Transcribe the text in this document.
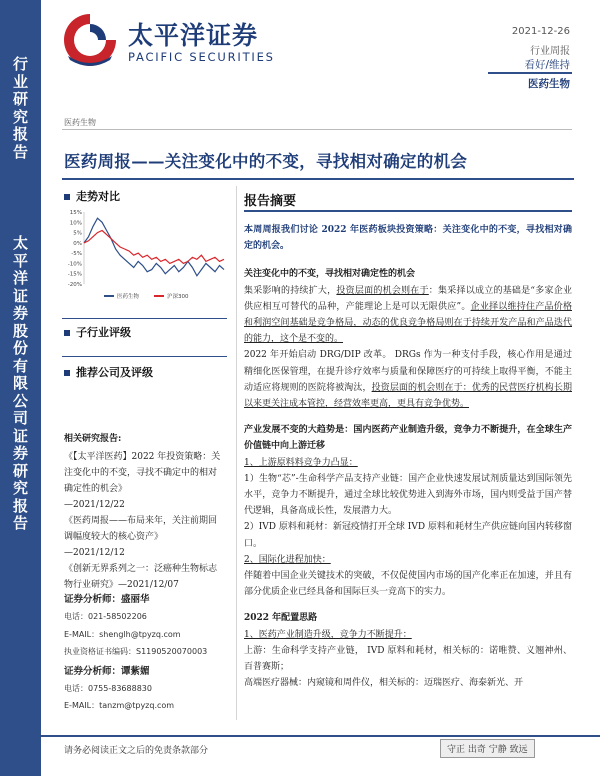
行
业
研
究
报
告
太
平
洋
证
券
股
份
有
限
公
司
证
券
研
究
报
告
太平洋证券
PACIFIC SECURITIES
2021-12-26
行业周报
看好/维持
医药生物
医药生物
医药周报——关注变化中的不变，寻找相对确定的机会
走势对比
15%
10%
5%
0%
-5%
-10%
-15%
-20%
医药生物	沪深300
子行业评级
推荐公司及评级
相关研究报告:
《【太平洋医药】2022 年投资策略：关注变化中的不变，寻找不确定中的相对确定性的机会》
—2021/12/22
《医药周报——布局来年，关注前期回调幅度较大的核心资产》
—2021/12/12
《创新无界系列之一：泛癌种生物标志物行业研究》—2021/12/07
证券分析师：盛丽华
电话：021-58502206
E-MAIL：shenglh@tpyzq.com
执业资格证书编码：S1190520070003
证券分析师：谭紫媚
电话：0755-83688830
E-MAIL：tanzm@tpyzq.com
报告摘要
本周周报我们讨论 2022 年医药板块投资策略：关注变化中的不变，寻找相对确定的机会。
关注变化中的不变，寻找相对确定性的机会
集采影响的持续扩大，投资层面的机会则在于：集采择以成立的基础是“多家企业供应相互可替代的品种，产能理论上是可以无限供应”。企业择以维持住产品价格和利润空间基础是竞争格局，动态的优良竞争格局则在于持续开发产品和产品迭代的能力，这个是不变的。
2022 年开始启动 DRG/DIP 改革。 DRGs 作为一种支付手段，核心作用是通过精细化医保管理，在提升诊疗效率与质量和保障医疗的可持续上取得平衡，不能主动适应将规则的医院将被淘汰，投资层面的机会则在于：优秀的民营医疗机构长期以来更关注成本管控，经营效率更高，更具有竞争优势。
产业发展不变的大趋势是：国内医药产业制造升级，竞争力不断提升，在全球生产价值链中向上游迁移
1、上游原料料竞争力凸显：
1）生物“芯”-生命科学产品支持产业链：国产企业快速发展试剂质量达到国际领先水平，竞争力不断提升，通过全球比较优势进入到海外市场，国内则受益于国产替代逻辑，具备高成长性，发展潜力大。
2）IVD 原料和耗材：新冠疫情打开全球 IVD 原料和耗材生产供应链向国内转移窗口。
2、国际化进程加快：
伴随着中国企业关键技术的突破，不仅促使国内市场的国产化率正在加速，并且有部分优质企业已经具备和国际巨头一竞高下的实力。
2022 年配置思路
1、医药产业制造升级，竞争力不断提升：
上游：生命科学支持产业链， IVD 原料和耗材，相关标的：诺唯赞、义翘神州、百普赛斯；
高端医疗器械：内窥镜和周件仪，相关标的：迈瑞医疗、海泰新光、开
请务必阅读正文之后的免责条款部分	守正 出奇 宁静 致远
